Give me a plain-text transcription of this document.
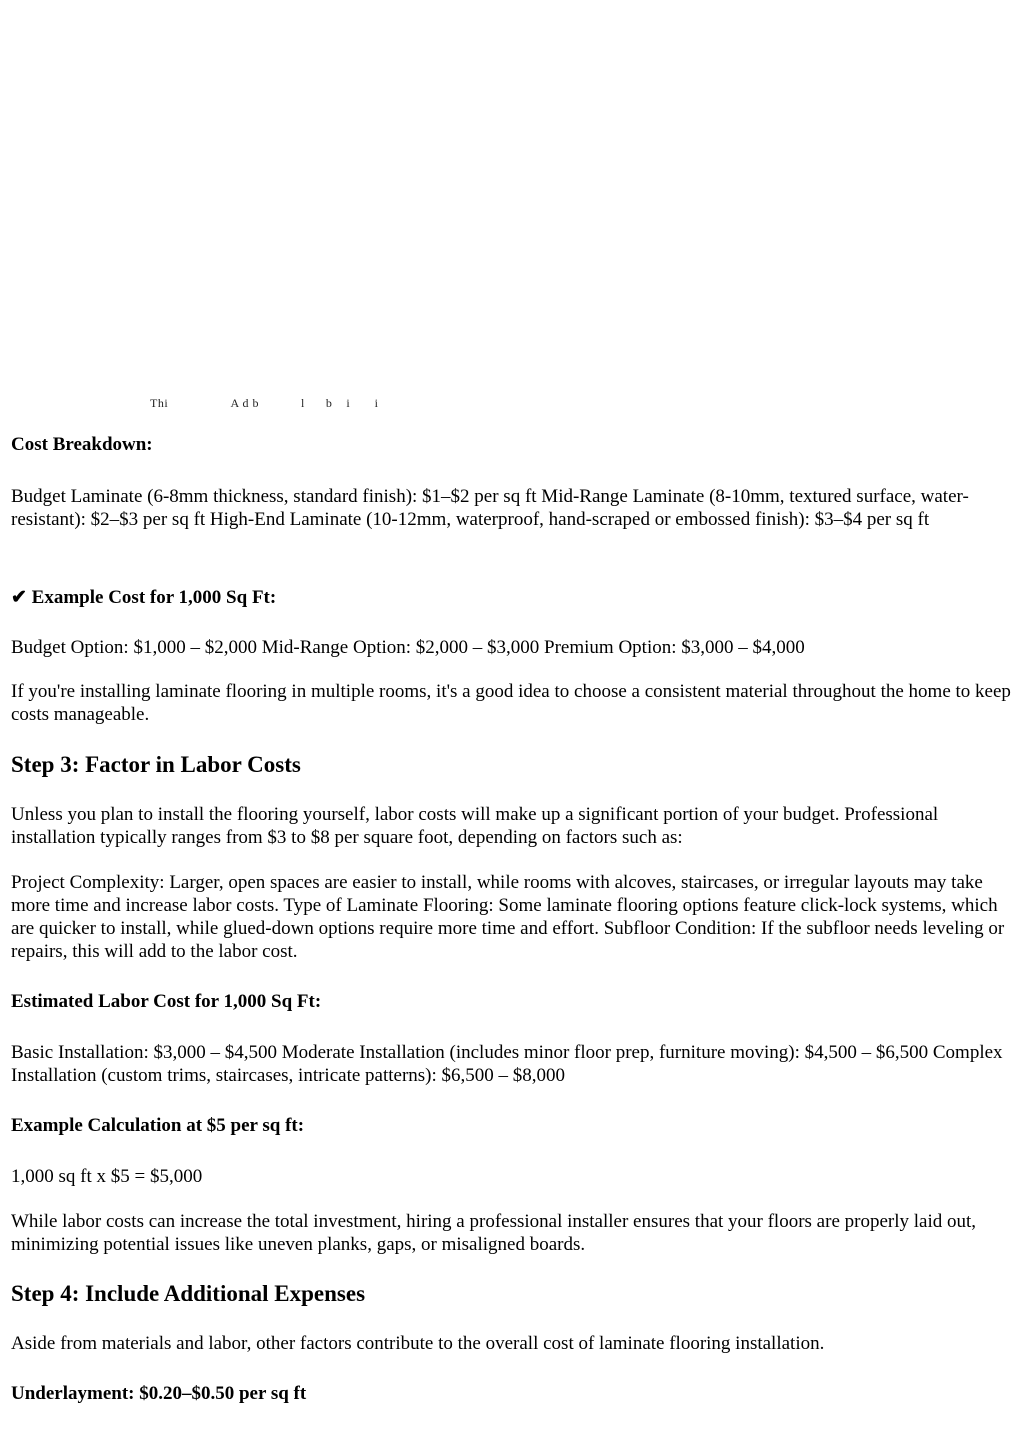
Thi                  A d b            l      b    i       i
Cost Breakdown:

Budget Laminate (6-8mm thickness, standard finish): $1–$2 per sq ft Mid-Range Laminate (8-10mm, textured surface, water-resistant): $2–$3 per sq ft High-End Laminate (10-12mm, waterproof, hand-scraped or embossed finish): $3–$4 per sq ft

✔ Example Cost for 1,000 Sq Ft:

Budget Option: $1,000 – $2,000 Mid-Range Option: $2,000 – $3,000 Premium Option: $3,000 – $4,000

If you're installing laminate flooring in multiple rooms, it's a good idea to choose a consistent material throughout the home to keep costs manageable.

Step 3: Factor in Labor Costs

Unless you plan to install the flooring yourself, labor costs will make up a significant portion of your budget. Professional installation typically ranges from $3 to $8 per square foot, depending on factors such as:

Project Complexity: Larger, open spaces are easier to install, while rooms with alcoves, staircases, or irregular layouts may take more time and increase labor costs. Type of Laminate Flooring: Some laminate flooring options feature click-lock systems, which are quicker to install, while glued-down options require more time and effort. Subfloor Condition: If the subfloor needs leveling or repairs, this will add to the labor cost.

Estimated Labor Cost for 1,000 Sq Ft:

Basic Installation: $3,000 – $4,500 Moderate Installation (includes minor floor prep, furniture moving): $4,500 – $6,500 Complex Installation (custom trims, staircases, intricate patterns): $6,500 – $8,000

Example Calculation at $5 per sq ft:

1,000 sq ft x $5 = $5,000

While labor costs can increase the total investment, hiring a professional installer ensures that your floors are properly laid out, minimizing potential issues like uneven planks, gaps, or misaligned boards.

Step 4: Include Additional Expenses

Aside from materials and labor, other factors contribute to the overall cost of laminate flooring installation.

Underlayment: $0.20–$0.50 per sq ft
